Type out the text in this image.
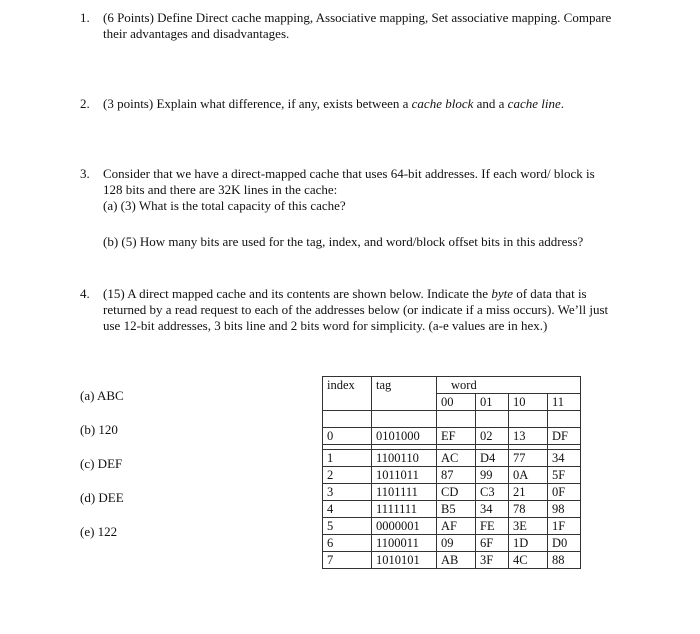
1. (6 Points) Define Direct cache mapping, Associative mapping, Set associative mapping. Compare
their advantages and disadvantages.
2. (3 points) Explain what difference, if any, exists between a cache block and a cache line.
3. Consider that we have a direct-mapped cache that uses 64-bit addresses. If each word/ block is
128 bits and there are 32K lines in the cache:
(a) (3) What is the total capacity of this cache?
(b) (5) How many bits are used for the tag, index, and word/block offset bits in this address?
4. (15) A direct mapped cache and its contents are shown below. Indicate the byte of data that is
returned by a read request to each of the addresses below (or indicate if a miss occurs). We’ll just
use 12-bit addresses, 3 bits line and 2 bits word for simplicity. (a-e values are in hex.)
(a) ABC
(b) 120
(c) DEF
(d) DEE
(e) 122
index	tag	word			
		00	01	10	11

0	0101000	EF	02	13	DF

1	1100110	AC	D4	77	34
2	1011011	87	99	0A	5F
3	1101111	CD	C3	21	0F
4	1111111	B5	34	78	98
5	0000001	AF	FE	3E	1F
6	1100011	09	6F	1D	D0
7	1010101	AB	3F	4C	88
